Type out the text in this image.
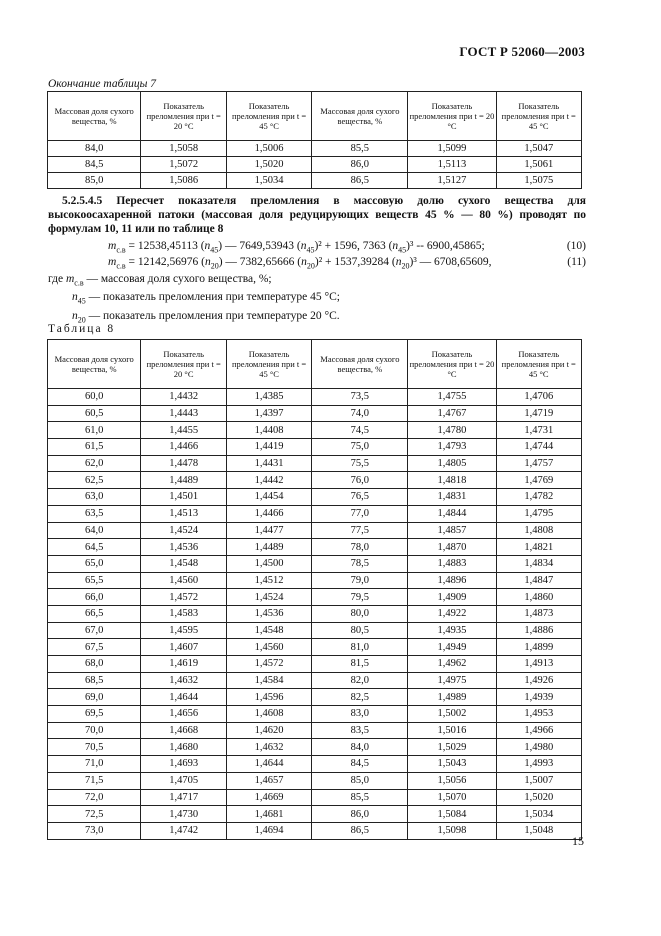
ГОСТ Р 52060—2003
Окончание таблицы 7
Массовая доля сухого вещества, %	Показатель преломления при t = 20 °С	Показатель преломления при t = 45 °С	Массовая доля сухого вещества, %	Показатель преломления при t = 20 °С	Показатель преломления при t = 45 °С
84,0	1,5058	1,5006	85,5	1,5099	1,5047
84,5	1,5072	1,5020	86,0	1,5113	1,5061
85,0	1,5086	1,5034	86,5	1,5127	1,5075
5.2.5.4.5 Пересчет показателя преломления в массовую долю сухого вещества для высокоосахаренной патоки (массовая доля редуцирующих веществ 45 % — 80 %) проводят по формулам 10, 11 или по таблице 8
$m_{с.в} = 12538,45113$ $(n_{45})$ — 7649,53943 $(n_{45})^2 + 1596$, 7363 $(n_{45})^3 -- 6900,45865$;	(10)
$m_{с.в} = 12142,56976$ $(n_{20})$ — 7382,65666 $(n_{20})^2 + 1537,39284$ $(n_{20})^3$ — 6708,65609,	(11)
где $m_{с.в}$ — массовая доля сухого вещества, %;
$n_{45}$ — показатель преломления при температуре 45 °С;
$n_{20}$ — показатель преломления при температуре 20 °С.
Таблица 8
Массовая доля сухого вещества, %	Показатель преломления при t = 20 °С	Показатель преломления при t = 45 °С	Массовая доля сухого вещества, %	Показатель преломления при t = 20 °С	Показатель преломления при t = 45 °С
60,0	1,4432	1,4385	73,5	1,4755	1,4706
60,5	1,4443	1,4397	74,0	1,4767	1,4719
61,0	1,4455	1,4408	74,5	1,4780	1,4731
61,5	1,4466	1,4419	75,0	1,4793	1,4744
62,0	1,4478	1,4431	75,5	1,4805	1,4757
62,5	1,4489	1,4442	76,0	1,4818	1,4769
63,0	1,4501	1,4454	76,5	1,4831	1,4782
63,5	1,4513	1,4466	77,0	1,4844	1,4795
64,0	1,4524	1,4477	77,5	1,4857	1,4808
64,5	1,4536	1,4489	78,0	1,4870	1,4821
65,0	1,4548	1,4500	78,5	1,4883	1,4834
65,5	1,4560	1,4512	79,0	1,4896	1,4847
66,0	1,4572	1,4524	79,5	1,4909	1,4860
66,5	1,4583	1,4536	80,0	1,4922	1,4873
67,0	1,4595	1,4548	80,5	1,4935	1,4886
67,5	1,4607	1,4560	81,0	1,4949	1,4899
68,0	1,4619	1,4572	81,5	1,4962	1,4913
68,5	1,4632	1,4584	82,0	1,4975	1,4926
69,0	1,4644	1,4596	82,5	1,4989	1,4939
69,5	1,4656	1,4608	83,0	1,5002	1,4953
70,0	1,4668	1,4620	83,5	1,5016	1,4966
70,5	1,4680	1,4632	84,0	1,5029	1,4980
71,0	1,4693	1,4644	84,5	1,5043	1,4993
71,5	1,4705	1,4657	85,0	1,5056	1,5007
72,0	1,4717	1,4669	85,5	1,5070	1,5020
72,5	1,4730	1,4681	86,0	1,5084	1,5034
73,0	1,4742	1,4694	86,5	1,5098	1,5048
15
